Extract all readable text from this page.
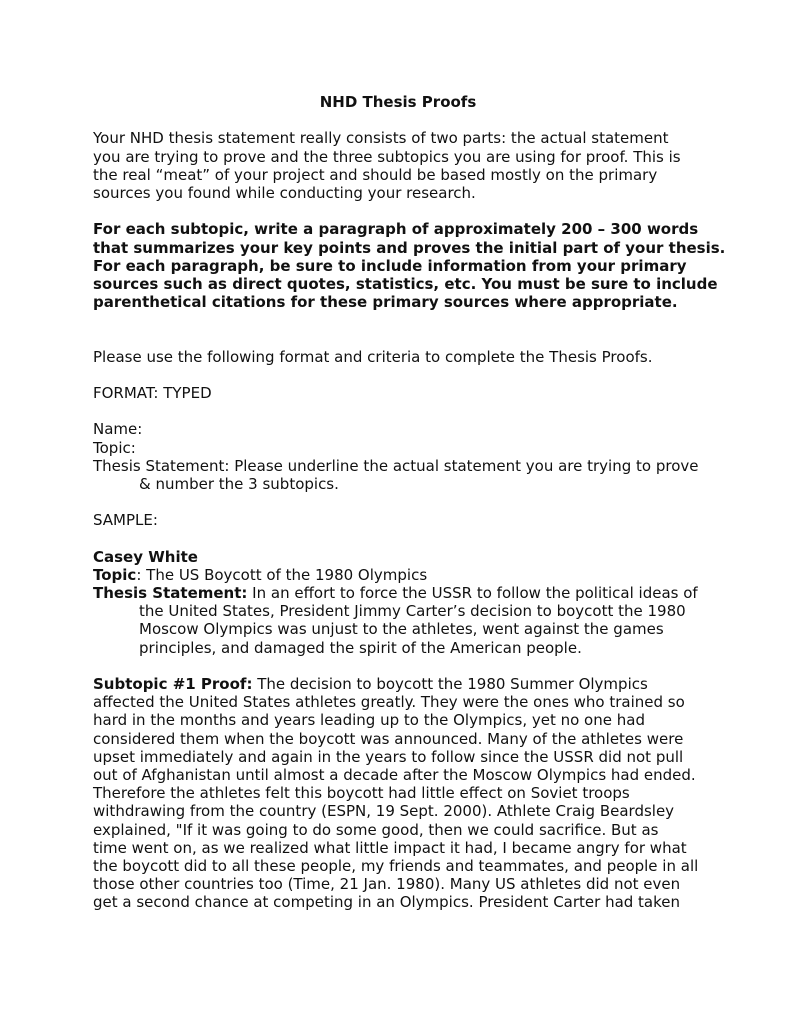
NHD Thesis Proofs
Your NHD thesis statement really consists of two parts: the actual statement
you are trying to prove and the three subtopics you are using for proof. This is
the real “meat” of your project and should be based mostly on the primary
sources you found while conducting your research.
For each subtopic, write a paragraph of approximately 200 – 300 words
that summarizes your key points and proves the initial part of your thesis.
For each paragraph, be sure to include information from your primary
sources such as direct quotes, statistics, etc. You must be sure to include
parenthetical citations for these primary sources where appropriate.
Please use the following format and criteria to complete the Thesis Proofs.
FORMAT: TYPED
Name:
Topic:
Thesis Statement: Please underline the actual statement you are trying to prove
& number the 3 subtopics.
SAMPLE:
Casey White
Topic: The US Boycott of the 1980 Olympics
Thesis Statement: In an effort to force the USSR to follow the political ideas of
the United States, President Jimmy Carter’s decision to boycott the 1980
Moscow Olympics was unjust to the athletes, went against the games
principles, and damaged the spirit of the American people.
Subtopic #1 Proof: The decision to boycott the 1980 Summer Olympics
affected the United States athletes greatly. They were the ones who trained so
hard in the months and years leading up to the Olympics, yet no one had
considered them when the boycott was announced. Many of the athletes were
upset immediately and again in the years to follow since the USSR did not pull
out of Afghanistan until almost a decade after the Moscow Olympics had ended.
Therefore the athletes felt this boycott had little effect on Soviet troops
withdrawing from the country (ESPN, 19 Sept. 2000). Athlete Craig Beardsley
explained, "If it was going to do some good, then we could sacrifice. But as
time went on, as we realized what little impact it had, I became angry for what
the boycott did to all these people, my friends and teammates, and people in all
those other countries too (Time, 21 Jan. 1980). Many US athletes did not even
get a second chance at competing in an Olympics. President Carter had taken
